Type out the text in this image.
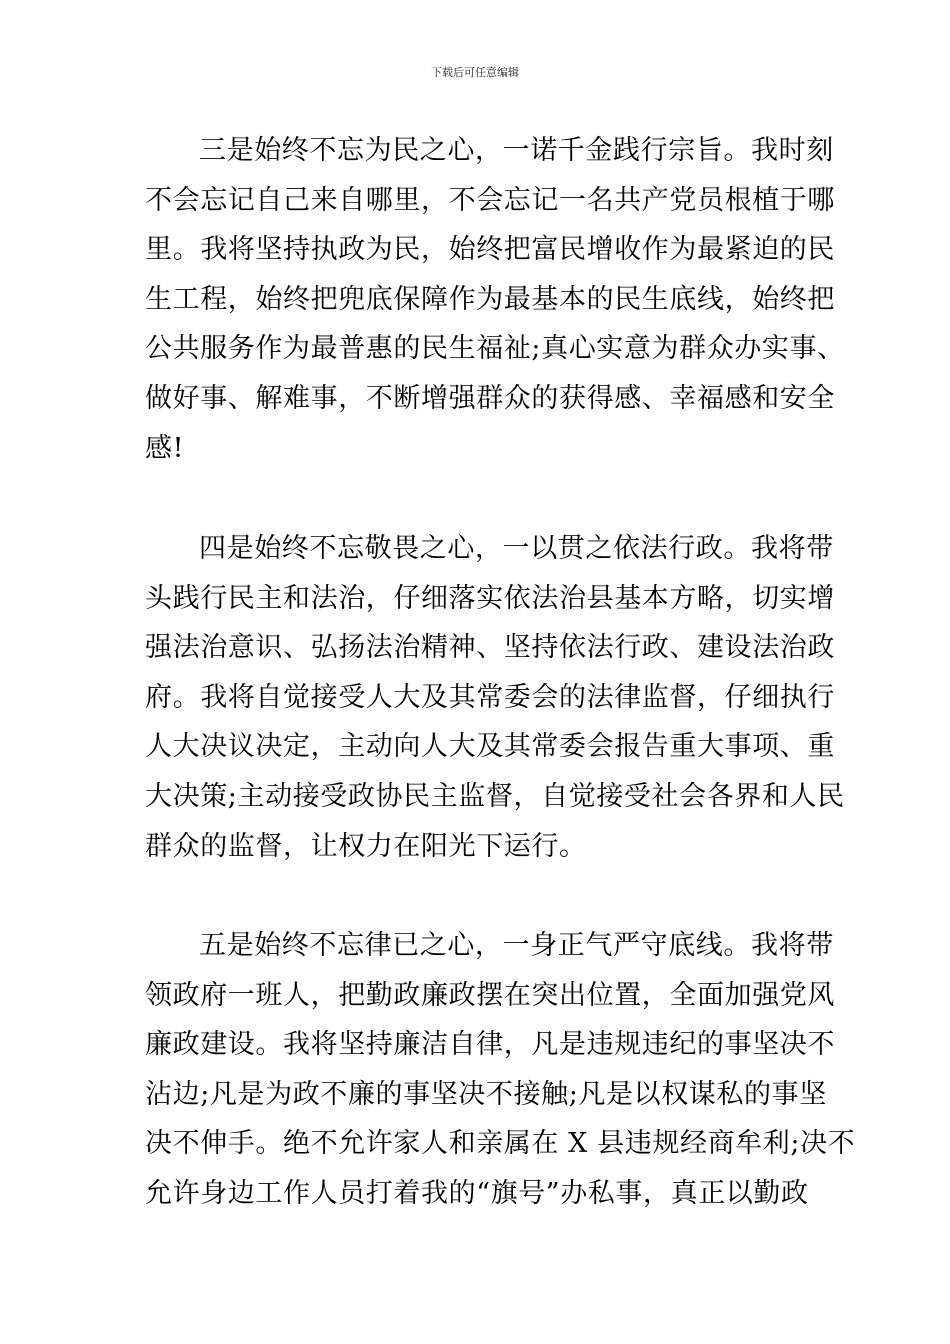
下载后可任意编辑
三是始终不忘为民之心，一诺千金践行宗旨。我时刻
不会忘记自己来自哪里，不会忘记一名共产党员根植于哪
里。我将坚持执政为民，始终把富民增收作为最紧迫的民
生工程，始终把兜底保障作为最基本的民生底线，始终把
公共服务作为最普惠的民生福祉;真心实意为群众办实事、
做好事、解难事，不断增强群众的获得感、幸福感和安全
感!
四是始终不忘敬畏之心，一以贯之依法行政。我将带
头践行民主和法治，仔细落实依法治县基本方略，切实增
强法治意识、弘扬法治精神、坚持依法行政、建设法治政
府。我将自觉接受人大及其常委会的法律监督，仔细执行
人大决议决定，主动向人大及其常委会报告重大事项、重
大决策;主动接受政协民主监督，自觉接受社会各界和人民
群众的监督，让权力在阳光下运行。
五是始终不忘律已之心，一身正气严守底线。我将带
领政府一班人，把勤政廉政摆在突出位置，全面加强党风
廉政建设。我将坚持廉洁自律，凡是违规违纪的事坚决不
沾边;凡是为政不廉的事坚决不接触;凡是以权谋私的事坚
决不伸手。绝不允许家人和亲属在 X 县违规经商牟利;决不
允许身边工作人员打着我的“旗号”办私事，真正以勤政
